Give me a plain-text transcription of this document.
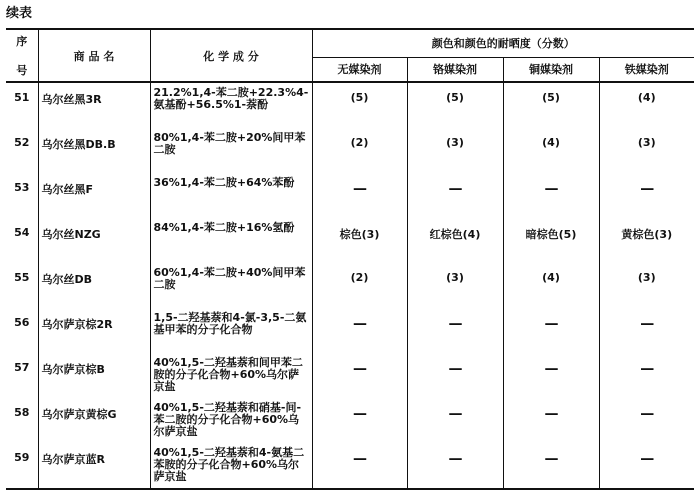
续表
序

号	商 品 名	化 学 成 分	颜色和颜色的耐晒度（分数）			
			无媒染剂	铬媒染剂	铜媒染剂	铁媒染剂
51	乌尔丝黑3R	21.2%1,4-苯二胺+22.3%4-氨基酚+56.5%1-萘酚	(5)	(5)	(5)	(4)
52	乌尔丝黑DB.B	80%1,4-苯二胺+20%间甲苯二胺	(2)	(3)	(4)	(3)
53	乌尔丝黑F	36%1,4-苯二胺+64%苯酚	—	—	—	—
54	乌尔丝NZG	84%1,4-苯二胺+16%氢酚	棕色(3)	红棕色(4)	暗棕色(5)	黄棕色(3)
55	乌尔丝DB	60%1,4-苯二胺+40%间甲苯二胺	(2)	(3)	(4)	(3)
56	乌尔萨京棕2R	1,5-二羟基萘和4-氯-3,5-二氨基甲苯的分子化合物	—	—	—	—
57	乌尔萨京棕B	40%1,5-二羟基萘和间甲苯二胺的分子化合物+60%乌尔萨京盐	—	—	—	—
58	乌尔萨京黄棕G	40%1,5-二羟基萘和硝基-间-苯二胺的分子化合物+60%乌尔萨京盐	—	—	—	—
59	乌尔萨京蓝R	40%1,5-二羟基萘和4-氨基二苯胺的分子化合物+60%乌尔萨京盐	—	—	—	—
